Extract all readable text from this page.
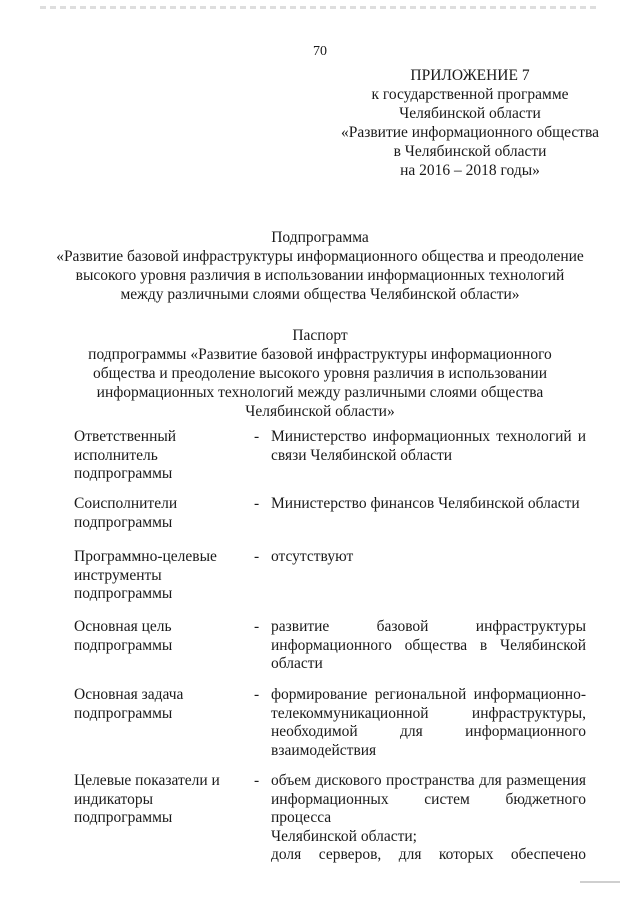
70
ПРИЛОЖЕНИЕ 7
к государственной программе
Челябинской области
«Развитие информационного общества
в Челябинской области
на 2016 – 2018 годы»
Подпрограмма
«Развитие базовой инфраструктуры информационного общества и преодоление
высокого уровня различия в использовании информационных технологий
между различными слоями общества Челябинской области»
Паспорт
подпрограммы «Развитие базовой инфраструктуры информационного
общества и преодоление высокого уровня различия в использовании
информационных технологий между различными слоями общества
Челябинской области»
Ответственный
исполнитель
подпрограммы
- Министерство информационных технологий и
связи Челябинской области
Соисполнители
подпрограммы
- Министерство финансов Челябинской области
Программно-целевые
инструменты
подпрограммы
- отсутствуют
Основная цель
подпрограммы
- развитие базовой инфраструктуры
информационного общества в Челябинской
области
Основная задача
подпрограммы
- формирование региональной информационно-
телекоммуникационной инфраструктуры,
необходимой для информационного
взаимодействия
Целевые показатели и
индикаторы
подпрограммы
- объем дискового пространства для размещения
информационных систем бюджетного процесса
Челябинской области;
доля серверов, для которых обеспечено
